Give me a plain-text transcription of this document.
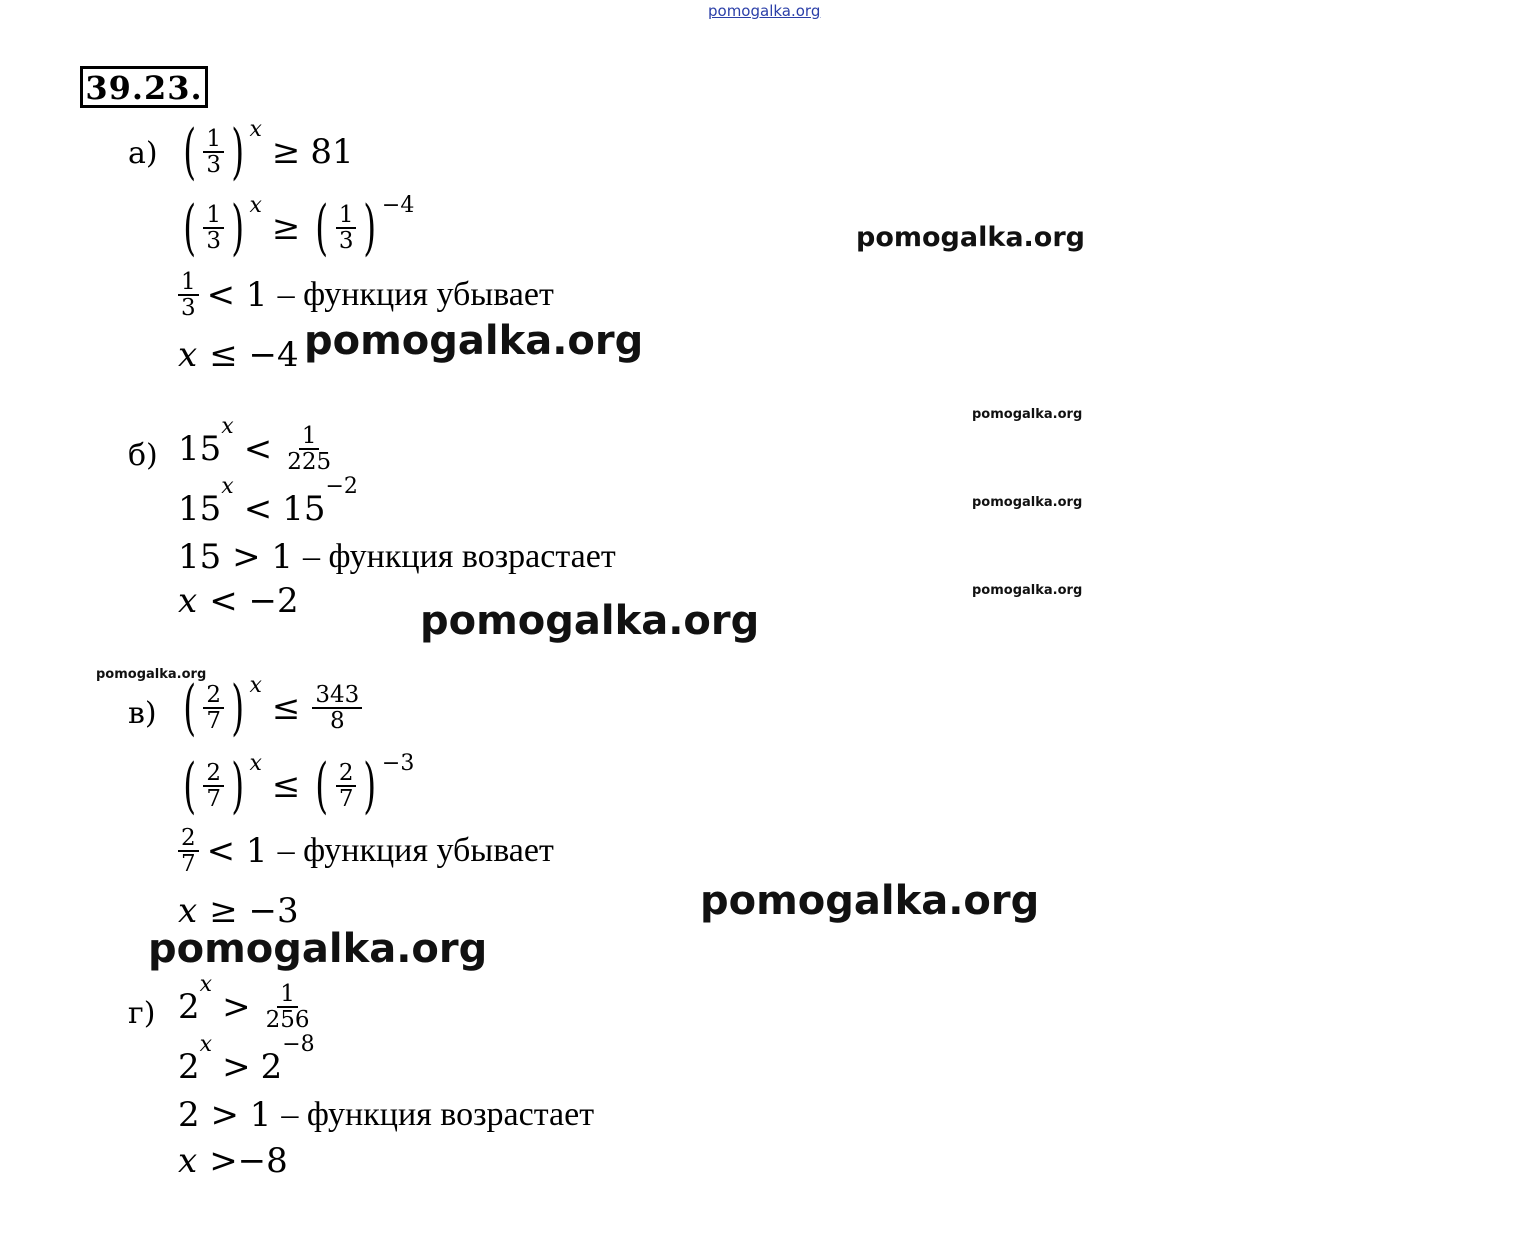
pomogalka.org
pomogalka.org
pomogalka.org
pomogalka.org
pomogalka.org
pomogalka.org
pomogalka.org
pomogalka.org
pomogalka.org
pomogalka.org
39.23.
а) ( $\frac{1}{3} )^x$
≥ 81
( $\frac{1}{3} )^x$
≥ ( $\frac{1}{3} )^{-4}$
$\frac{1}{3} < 1$ – функция убывает
x ≤ −4
б) 15
$^x$
< $\frac{1}{225}$
15
$^x$
< 15
$^{-2}$
15 > 1 – функция возрастает
x < −2
в) ( $\frac{2}{7} )^x$
≤ $\frac{343}{8}$
( $\frac{2}{7} )^x$
≤ ( $\frac{2}{7} )^{-3}$
$\frac{2}{7} < 1$ – функция убывает
x ≥ −3
г) 2
$^x$
> $\frac{1}{256}$
2
$^x$
> 2
$^{-8}$
2 > 1 – функция возрастает
x >−8
